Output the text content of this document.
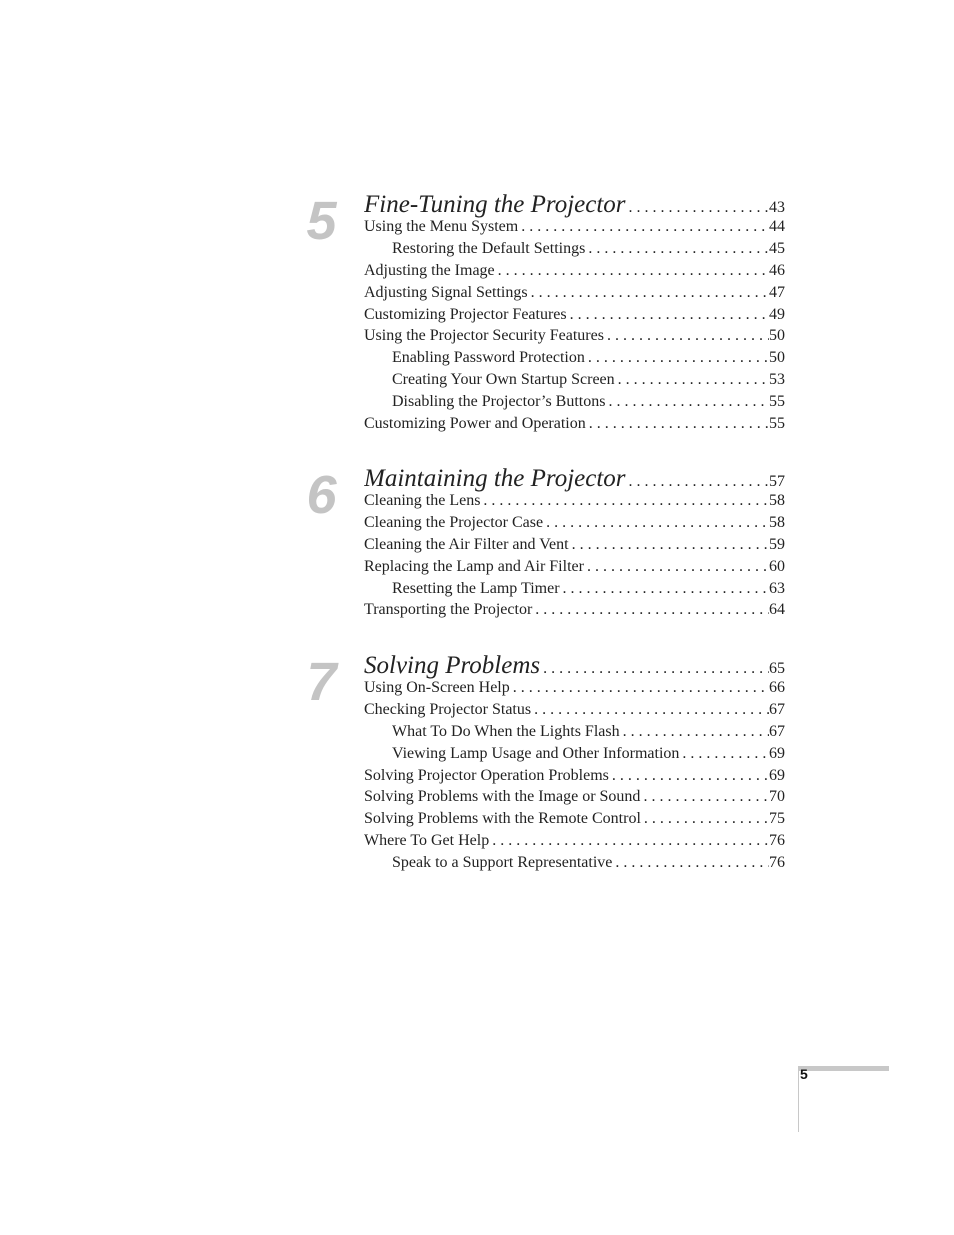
5	Fine-Tuning the Projector . . .	43
Using the Menu System . . .	44
Restoring the Default Settings . . .	45
Adjusting the Image . . .	46
Adjusting Signal Settings . . .	47
Customizing Projector Features . . .	49
Using the Projector Security Features . . .	50
Enabling Password Protection . . .	50
Creating Your Own Startup Screen . . .	53
Disabling the Projector’s Buttons . . .	55
Customizing Power and Operation . . .	55
6	Maintaining the Projector . . .	57
Cleaning the Lens . . .	58
Cleaning the Projector Case . . .	58
Cleaning the Air Filter and Vent . . .	59
Replacing the Lamp and Air Filter . . .	60
Resetting the Lamp Timer . . .	63
Transporting the Projector . . .	64
7	Solving Problems . . .	65
Using On-Screen Help . . .	66
Checking Projector Status . . .	67
What To Do When the Lights Flash . . .	67
Viewing Lamp Usage and Other Information . . .	69
Solving Projector Operation Problems . . .	69
Solving Problems with the Image or Sound . . .	70
Solving Problems with the Remote Control . . .	75
Where To Get Help . . .	76
Speak to a Support Representative . . .	76
5
